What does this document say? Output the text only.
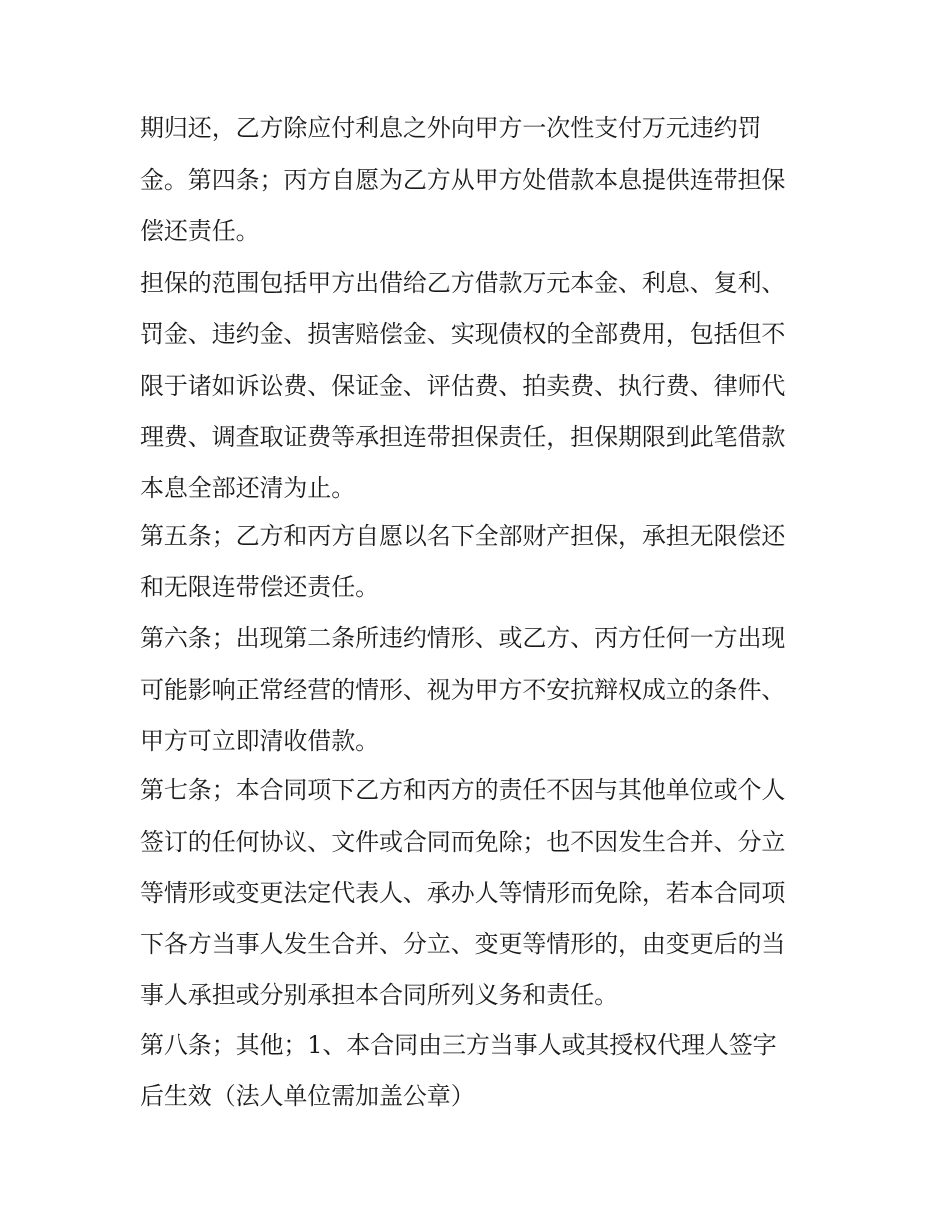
期归还，乙方除应付利息之外向甲方一次性支付万元违约罚
金。第四条；丙方自愿为乙方从甲方处借款本息提供连带担保
偿还责任。
担保的范围包括甲方出借给乙方借款万元本金、利息、复利、
罚金、违约金、损害赔偿金、实现债权的全部费用，包括但不
限于诸如诉讼费、保证金、评估费、拍卖费、执行费、律师代
理费、调查取证费等承担连带担保责任，担保期限到此笔借款
本息全部还清为止。
第五条；乙方和丙方自愿以名下全部财产担保，承担无限偿还
和无限连带偿还责任。
第六条；出现第二条所违约情形、或乙方、丙方任何一方出现
可能影响正常经营的情形、视为甲方不安抗辩权成立的条件、
甲方可立即清收借款。
第七条；本合同项下乙方和丙方的责任不因与其他单位或个人
签订的任何协议、文件或合同而免除；也不因发生合并、分立
等情形或变更法定代表人、承办人等情形而免除，若本合同项
下各方当事人发生合并、分立、变更等情形的，由变更后的当
事人承担或分别承担本合同所列义务和责任。
第八条；其他；1、本合同由三方当事人或其授权代理人签字
后生效（法人单位需加盖公章）
